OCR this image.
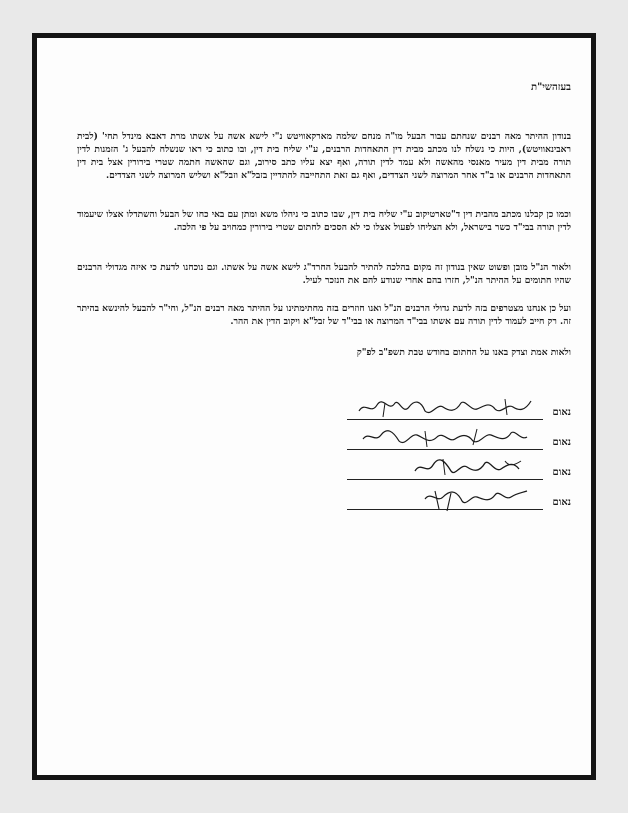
בעזהשי"ת

בנודון ההיתר מאה רבנים שנחתם עבור הבעל מו"ה מנחם שלמה מארקאוויטש נ"י לישא אשה על אשתו מרת דאבא מינדל תחי' (לבית ראבינאוויטש), היות כי נשלח לנו מכתב מבית דין התאחדות הרבנים, ע"י שליח בית דין, ובו כתוב כי ראו שנשלח להבעל ג' הזמנות לדין תורה מבית דין מעיר מאנסי מהאשה ולא עמד לדין תורה, ואף יצא עליו כתב סירוב, וגם שהאשה חתמה שטרי בירורין אצל בית דין התאחדות הרבנים או ב"ד אחר המרוצה לשני הצדדים, ואף גם זאת התחייבה להתדיין בזבל"א וזבל"א ושליש המרוצה לשני הצדדים.

וכמו כן קבלנו מכתב מהבית דין ד"טארטיקוב ע"י שליח בית דין, שבו כתוב כי ניהלו משא ומתן עם באי כחו של הבעל והשתדלו אצלו שיעמוד לדין תורה בבי"ד כשר בישראל, ולא הצליחו לפעול אצלו כי לא הסכים לחתום שטרי בירורין כמחויב על פי הלכה.

ולאור הנ"ל מובן ופשוט שאין בנודון זה מקום בהלכה להתיר להבעל החרד"ג לישא אשה על אשתו. וגם נוכחנו לדעת כי איזה מגדולי הרבנים שהיו חתומים על ההיתר הנ"ל, חזרו בהם אחרי שנודע להם את הנזכר לעיל.

ועל כן אנחנו מצטרפים בזה לדעת גדולי הרבנים הנ"ל ואנו חוזרים בזה מחתימתינו על ההיתר מאה רבנים הנ"ל, וחי"ר להבעל להינשא בהיתר זה. רק חייב לעמוד לדין תורה עם אשתו בבי"ד המרוצה או בבי"ד של זבל"א ויקוב הדין את ההר.

ולאות אמת וצדק באנו על החתום בחודש טבת תשפ"ב לפ"ק

נאום
נאום
נאום
נאום
